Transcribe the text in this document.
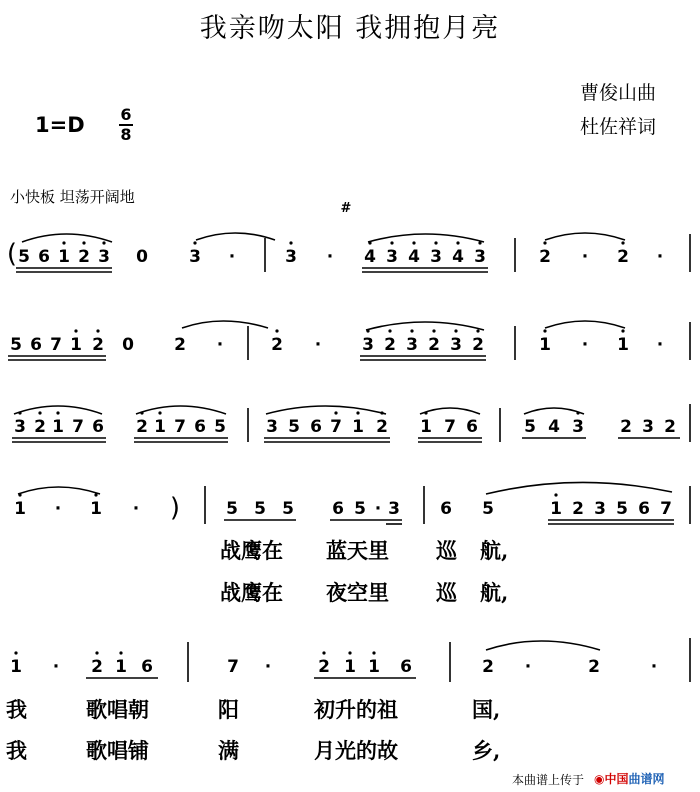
我亲吻太阳 我拥抱月亮
曹俊山曲
杜佐祥词
1=D	6
8
小快板 坦荡开阔地
( 5 6 1 2 3 0 3 ·	3 ·
#
4 3 4 3 4 3	2 · 2 ·
5 6 7 1 2 0 2 ·	2 · 3 2 3 2 3 2	1 · 1 ·
3 2 1 7 6 2 1 7 6 5 3 5 6 7 1 2 1 7 6	5 4 3 2 3 2
1 · 1 · )	5 5 5 6 5 · 3 6 5	1 2 3 5 6 7
1 · 2 1 6	7 ·	2 1 1 6	2 ·	2	·
战鹰在 蓝天里 巡 航,
战鹰在 夜空里 巡 航,
我	歌唱朝	阳	初升的祖	国,
我	歌唱铺	满	月光的故	乡,
本曲谱上传于 ◉中国曲谱网
